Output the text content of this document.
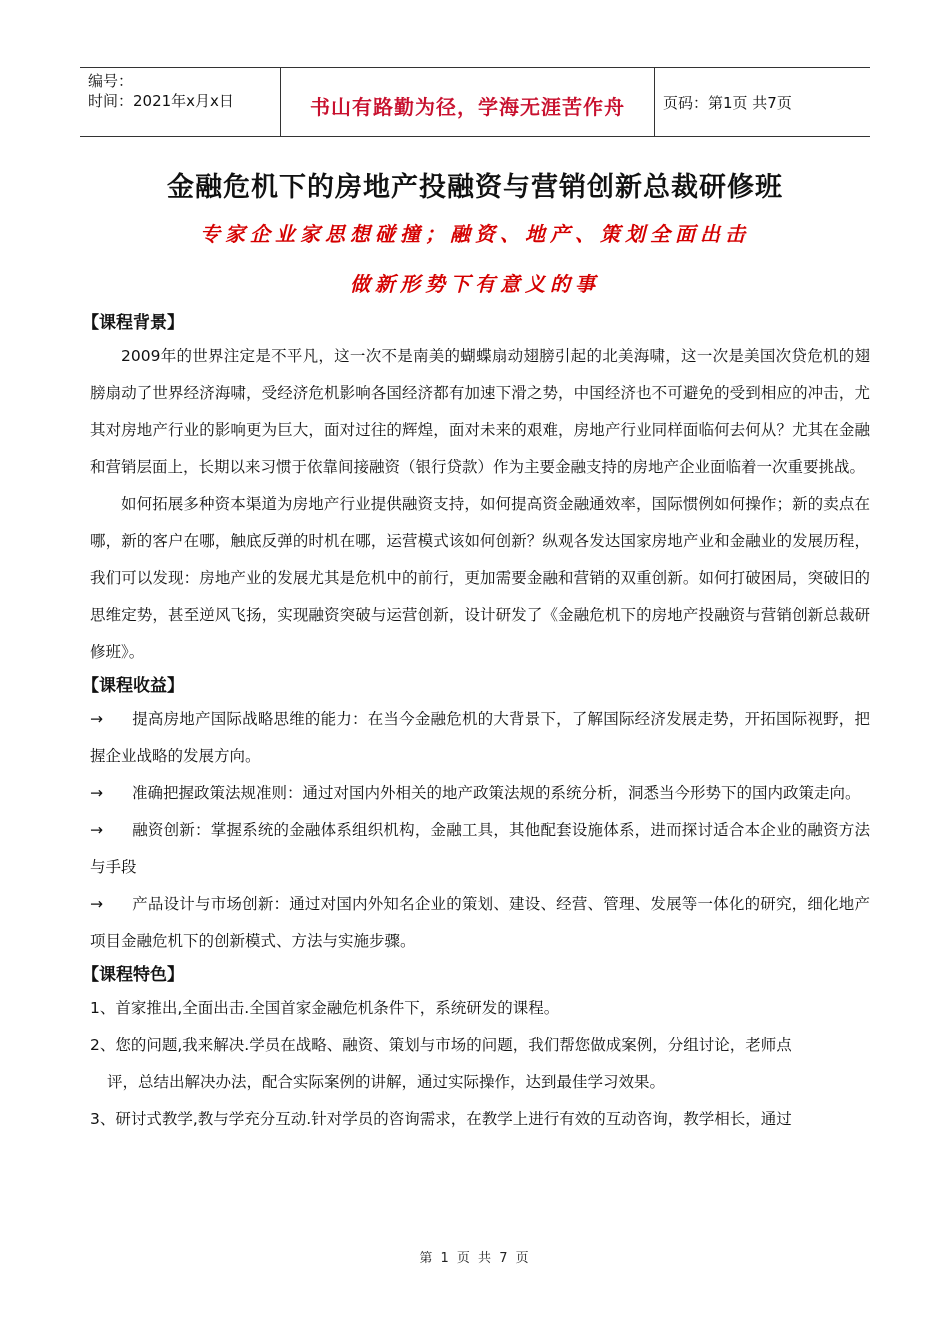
编号：
时间：2021年x月x日	书山有路勤为径，学海无涯苦作舟	页码：第1页 共7页
金融危机下的房地产投融资与营销创新总裁研修班
专家企业家思想碰撞；融资、地产、策划全面出击
做新形势下有意义的事
【课程背景】

2009年的世界注定是不平凡，这一次不是南美的蝴蝶扇动翅膀引起的北美海啸，这一次是美国次贷危机的翅膀扇动了世界经济海啸，受经济危机影响各国经济都有加速下滑之势，中国经济也不可避免的受到相应的冲击，尤其对房地产行业的影响更为巨大，面对过往的辉煌，面对未来的艰难，房地产行业同样面临何去何从？尤其在金融和营销层面上，长期以来习惯于依靠间接融资（银行贷款）作为主要金融支持的房地产企业面临着一次重要挑战。

如何拓展多种资本渠道为房地产行业提供融资支持，如何提高资金融通效率，国际惯例如何操作；新的卖点在哪，新的客户在哪，触底反弹的时机在哪，运营模式该如何创新？纵观各发达国家房地产业和金融业的发展历程，我们可以发现：房地产业的发展尤其是危机中的前行，更加需要金融和营销的双重创新。如何打破困局，突破旧的思维定势，甚至逆风飞扬，实现融资突破与运营创新，设计研发了《金融危机下的房地产投融资与营销创新总裁研修班》。

【课程收益】

→ 提高房地产国际战略思维的能力：在当今金融危机的大背景下，了解国际经济发展走势，开拓国际视野，把握企业战略的发展方向。

→ 准确把握政策法规准则：通过对国内外相关的地产政策法规的系统分析，洞悉当今形势下的国内政策走向。

→ 融资创新：掌握系统的金融体系组织机构，金融工具，其他配套设施体系，进而探讨适合本企业的融资方法与手段

→ 产品设计与市场创新：通过对国内外知名企业的策划、建设、经营、管理、发展等一体化的研究，细化地产项目金融危机下的创新模式、方法与实施步骤。

【课程特色】
1、首家推出,全面出击.全国首家金融危机条件下，系统研发的课程。
2、您的问题,我来解决.学员在战略、融资、策划与市场的问题，我们帮您做成案例，分组讨论，老师点
评，总结出解决办法，配合实际案例的讲解，通过实际操作，达到最佳学习效果。
3、研讨式教学,教与学充分互动.针对学员的咨询需求，在教学上进行有效的互动咨询，教学相长，通过
第 1 页 共 7 页
